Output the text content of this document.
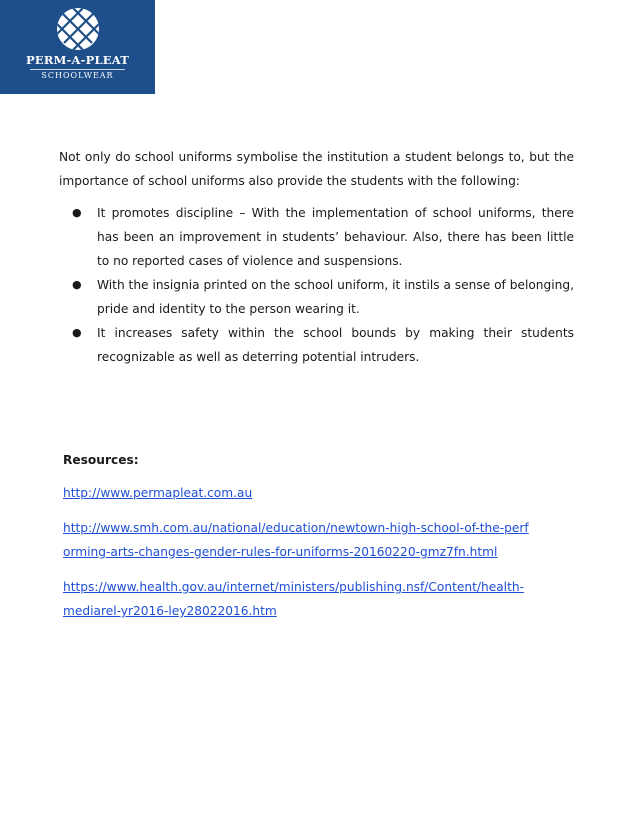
PERM-A-PLEAT
SCHOOLWEAR

Not only do school uniforms symbolise the institution a student belongs to, but the importance of school uniforms also provide the students with the following:

● It promotes discipline – With the implementation of school uniforms, there has been an improvement in students’ behaviour. Also, there has been little to no reported cases of violence and suspensions.
● With the insignia printed on the school uniform, it instils a sense of belonging, pride and identity to the person wearing it.
● It increases safety within the school bounds by making their students recognizable as well as deterring potential intruders.
Resources:
http://www.permapleat.com.au
http://www.smh.com.au/national/education/newtown-high-school-of-the-performing-arts-changes-gender-rules-for-uniforms-20160220-gmz7fn.html
https://www.health.gov.au/internet/ministers/publishing.nsf/Content/health-mediarel-yr2016-ley28022016.htm
